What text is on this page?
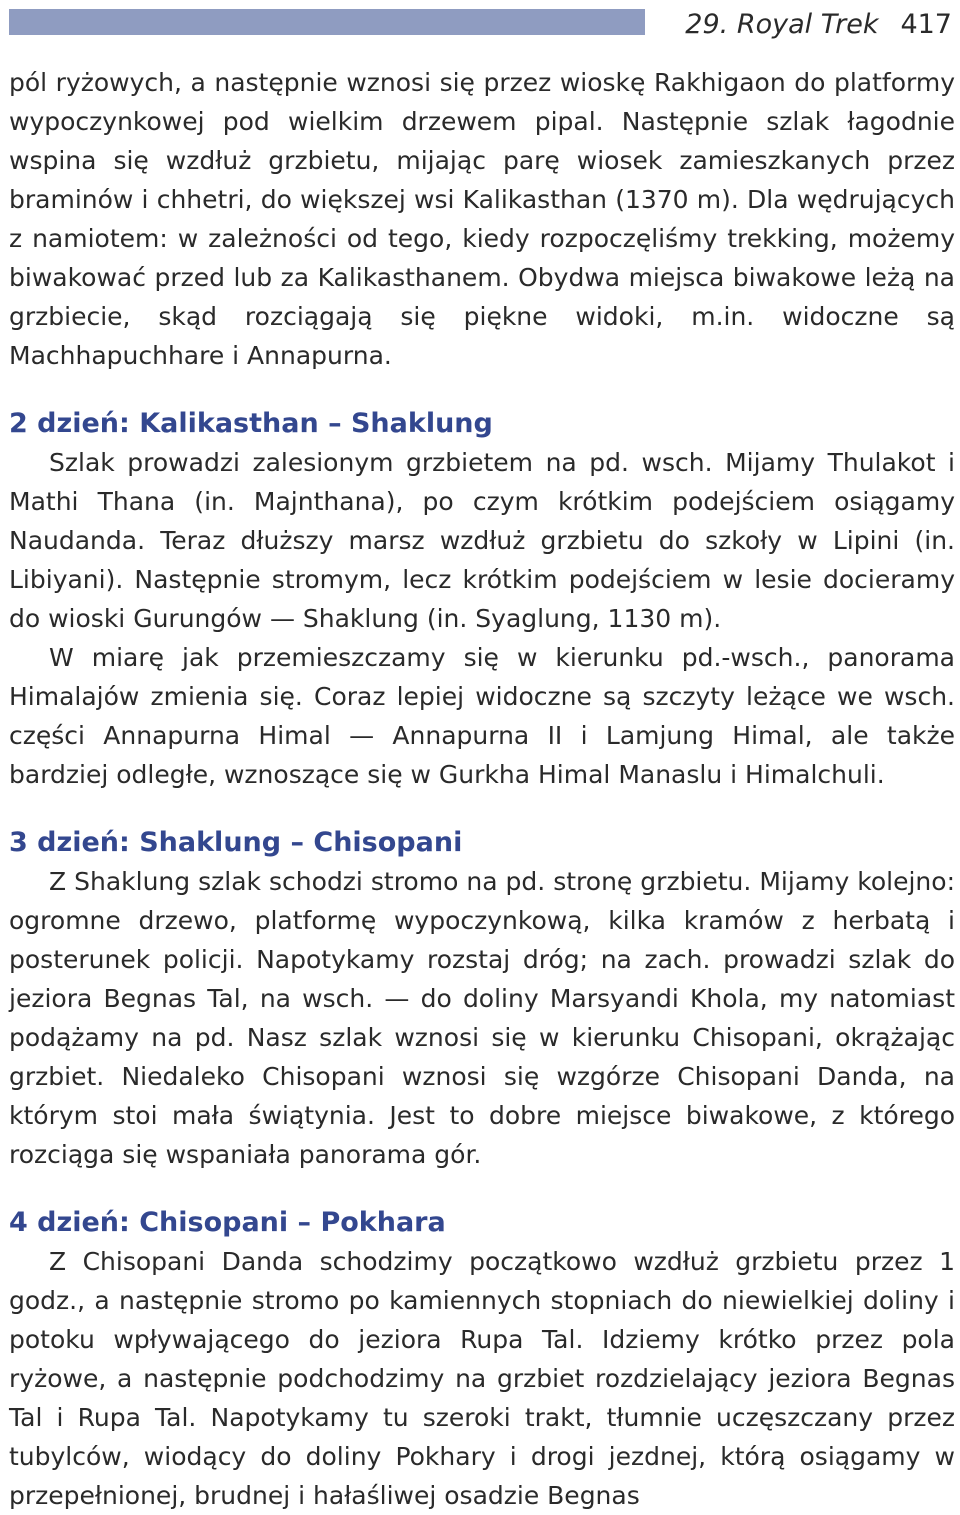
29. Royal Trek 417

pól ryżowych, a następnie wznosi się przez wioskę Rakhigaon do platformy wypoczynkowej pod wielkim drzewem pipal. Następnie szlak łagodnie wspina się wzdłuż grzbietu, mijając parę wiosek zamieszkanych przez braminów i chhetri, do większej wsi Kalikasthan (1370 m). Dla wędrujących z namiotem: w zależności od tego, kiedy rozpoczęliśmy trekking, możemy biwakować przed lub za Kalikasthanem. Obydwa miejsca biwakowe leżą na grzbiecie, skąd rozciągają się piękne widoki, m.in. widoczne są Machhapuchhare i Annapurna.

2 dzień: Kalikasthan – Shaklung

Szlak prowadzi zalesionym grzbietem na pd. wsch. Mijamy Thulakot i Mathi Thana (in. Majnthana), po czym krótkim podejściem osiągamy Naudanda. Teraz dłuższy marsz wzdłuż grzbietu do szkoły w Lipini (in. Libiyani). Następnie stromym, lecz krótkim podejściem w lesie docieramy do wioski Gurungów — Shaklung (in. Syaglung, 1130 m).

W miarę jak przemieszczamy się w kierunku pd.-wsch., panorama Himalajów zmienia się. Coraz lepiej widoczne są szczyty leżące we wsch. części Annapurna Himal — Annapurna II i Lamjung Himal, ale także bardziej odległe, wznoszące się w Gurkha Himal Manaslu i Himalchuli.

3 dzień: Shaklung – Chisopani

Z Shaklung szlak schodzi stromo na pd. stronę grzbietu. Mijamy kolejno: ogromne drzewo, platformę wypoczynkową, kilka kramów z herbatą i posterunek policji. Napotykamy rozstaj dróg; na zach. prowadzi szlak do jeziora Begnas Tal, na wsch. — do doliny Marsyandi Khola, my natomiast podążamy na pd. Nasz szlak wznosi się w kierunku Chisopani, okrążając grzbiet. Niedaleko Chisopani wznosi się wzgórze Chisopani Danda, na którym stoi mała świątynia. Jest to dobre miejsce biwakowe, z którego rozciąga się wspaniała panorama gór.

4 dzień: Chisopani – Pokhara

Z Chisopani Danda schodzimy początkowo wzdłuż grzbietu przez 1 godz., a następnie stromo po kamiennych stopniach do niewielkiej doliny i potoku wpływającego do jeziora Rupa Tal. Idziemy krótko przez pola ryżowe, a następnie podchodzimy na grzbiet rozdzielający jeziora Begnas Tal i Rupa Tal. Napotykamy tu szeroki trakt, tłumnie uczęszczany przez tubylców, wiodący do doliny Pokhary i drogi jezdnej, którą osiągamy w przepełnionej, brudnej i hałaśliwej osadzie Begnas
